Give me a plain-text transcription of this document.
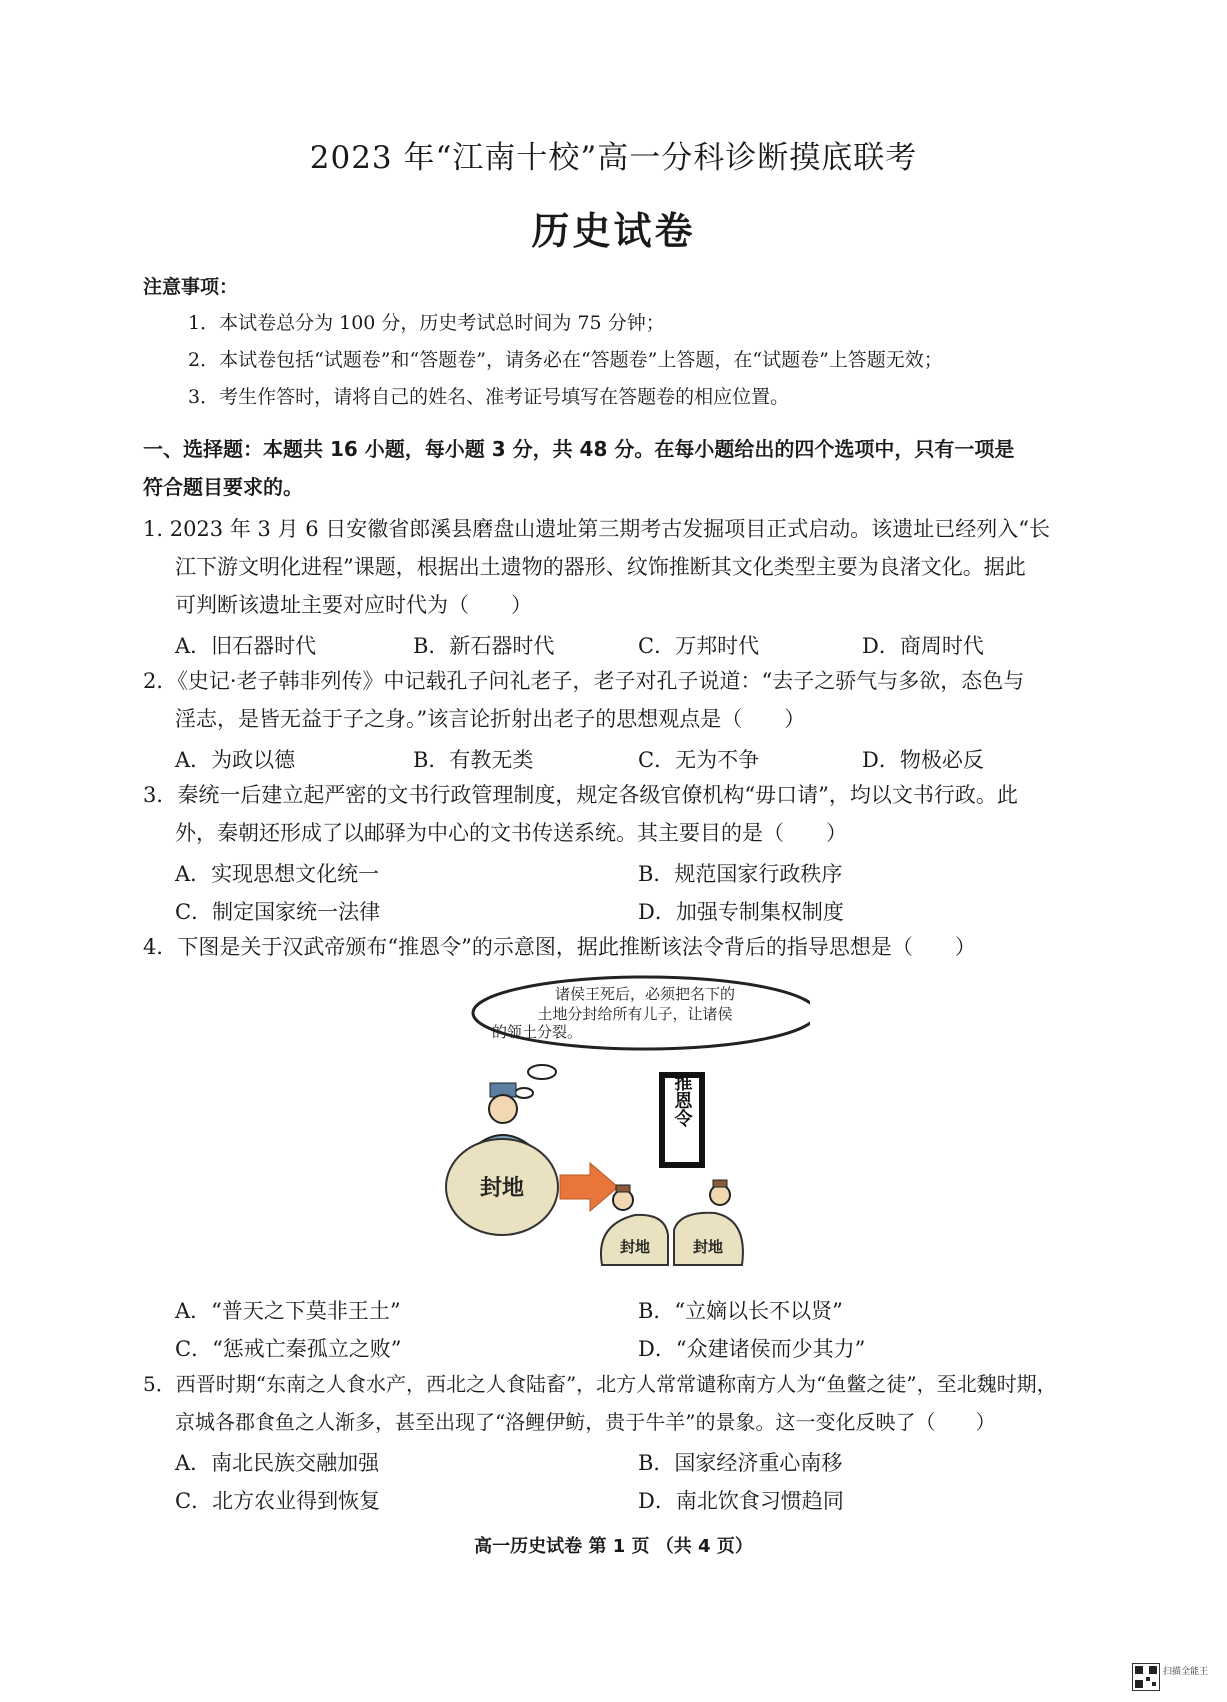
2023 年“江南十校”高一分科诊断摸底联考
历史试卷
注意事项：
1．本试卷总分为 100 分，历史考试总时间为 75 分钟；
2．本试卷包括“试题卷”和“答题卷”，请务必在“答题卷”上答题，在“试题卷”上答题无效；
3．考生作答时，请将自己的姓名、准考证号填写在答题卷的相应位置。
一、选择题：本题共 16 小题，每小题 3 分，共 48 分。在每小题给出的四个选项中，只有一项是
符合题目要求的。
1. 2023 年 3 月 6 日安徽省郎溪县磨盘山遗址第三期考古发掘项目正式启动。该遗址已经列入“长
江下游文明化进程”课题，根据出土遗物的器形、纹饰推断其文化类型主要为良渚文化。据此
可判断该遗址主要对应时代为（　　）
A．旧石器时代	B．新石器时代	C．万邦时代	D．商周时代
2．《史记·老子韩非列传》中记载孔子问礼老子，老子对孔子说道：“去子之骄气与多欲，态色与
淫志，是皆无益于子之身。”该言论折射出老子的思想观点是（　　）
A．为政以德	B．有教无类	C．无为不争	D．物极必反
3．秦统一后建立起严密的文书行政管理制度，规定各级官僚机构“毋口请”，均以文书行政。此
外，秦朝还形成了以邮驿为中心的文书传送系统。其主要目的是（　　）
A．实现思想文化统一	B．规范国家行政秩序
C．制定国家统一法律	D．加强专制集权制度
4．下图是关于汉武帝颁布“推恩令”的示意图，据此推断该法令背后的指导思想是（　　）
诸侯王死后，必须把名下的
土地分封给所有儿子，让诸侯
的领土分裂。
封地
推恩令
封地	封地
A．“普天之下莫非王土”	B．“立嫡以长不以贤”
C．“惩戒亡秦孤立之败”	D．“众建诸侯而少其力”
5．西晋时期“东南之人食水产，西北之人食陆畜”，北方人常常谴称南方人为“鱼鳖之徒”，至北魏时期，
京城各郡食鱼之人渐多，甚至出现了“洛鲤伊鲂，贵于牛羊”的景象。这一变化反映了（　　）
A．南北民族交融加强	B．国家经济重心南移
C．北方农业得到恢复	D．南北饮食习惯趋同
高一历史试卷 第 1 页 （共 4 页）
扫描全能王
